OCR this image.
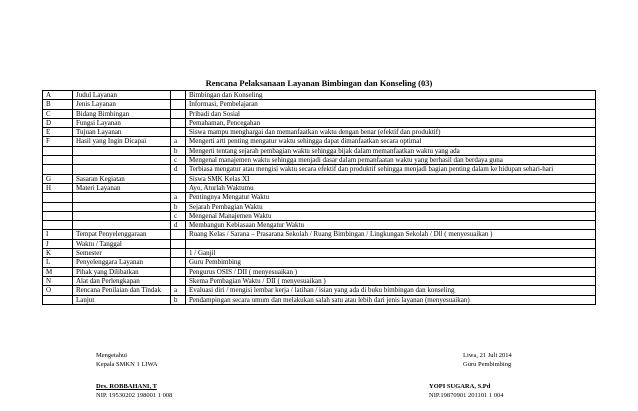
Rencana Pelaksanaan Layanan Bimbingan dan Konseling (03)
A	Judul Layanan		Bimbingan dan Konseling
B	Jenis Layanan		Informasi, Pembelajaran
C	Bidang Bimbingan		Pribadi dan Sosial
D	Fungsi Layanan		Pemahaman, Pencegahan
E	Tujuan Layanan		Siswa mampu menghargai dan memanfaatkan waktu dengan benar (efektif dan produktif)
F	Hasil yang Ingin Dicapai	a	Mengerti arti penting mengatur waktu sehingga dapat dimanfaatkan secara optimal
		b	Mengerti tentang sejarah pembagian waktu sehingga bijak dalam memanfaatkan waktu yang ada
		c	Mengenal manajemen waktu sehingga menjadi dasar dalam pemanfaatan waktu yang berhasil dan berdaya guna
		d	Terbiasa mengatur atau mengisi waktu secara efektif dan produktif sehingga menjadi bagian penting dalam ke hidupan sehari-hari
G	Sasaran Kegiatan		Siswa SMK Kelas XI
H	Materi Layanan		Ayo, Aturlah Waktumu
		a	Pentingnya Mengatur Waktu
		b	Sejarah Pembagian Waktu
		c	Mengenal Manajemen Waktu
		d	Membangun Kebiasaan Mengatur Waktu
I	Tempat Penyelenggaraan		Ruang Kelas / Sarana – Prasarana Sekolah / Ruang Bimbingan / Lingkungan Sekolah / Dll ( menyesuaikan )
J	Waktu / Tanggal		
K	Semester		1 / Ganjil
L	Penyelenggara Layanan		Guru Pembimbing
M	Pihak yang Dilibatkan		Pengurus OSIS / DII ( menyesuaikan )
N	Alat dan Perlengkapan		Skema Pembagian Waktu / DII ( menyesuaikan )
O	Rencana Penilaian dan Tindak	a	Evaluasi diri / mengisi lembar kerja / latihan / isian yang ada di buku bimbingan dan konseling
	Lanjut	b	Pendampingan secara umum dan melakukan salah satu atau lebih dari jenis layanan (menyesuaikan)
Mengetahui
Kepala SMKN 1 LIWA
Drs. ROBBAHANI, T
NIP. 19530202 198001 1 008
Liwa, 21 Juli 2014
Guru Pembimbing
YOPI SUGARA, S.Pd
NIP.19870901 201101 1 004
